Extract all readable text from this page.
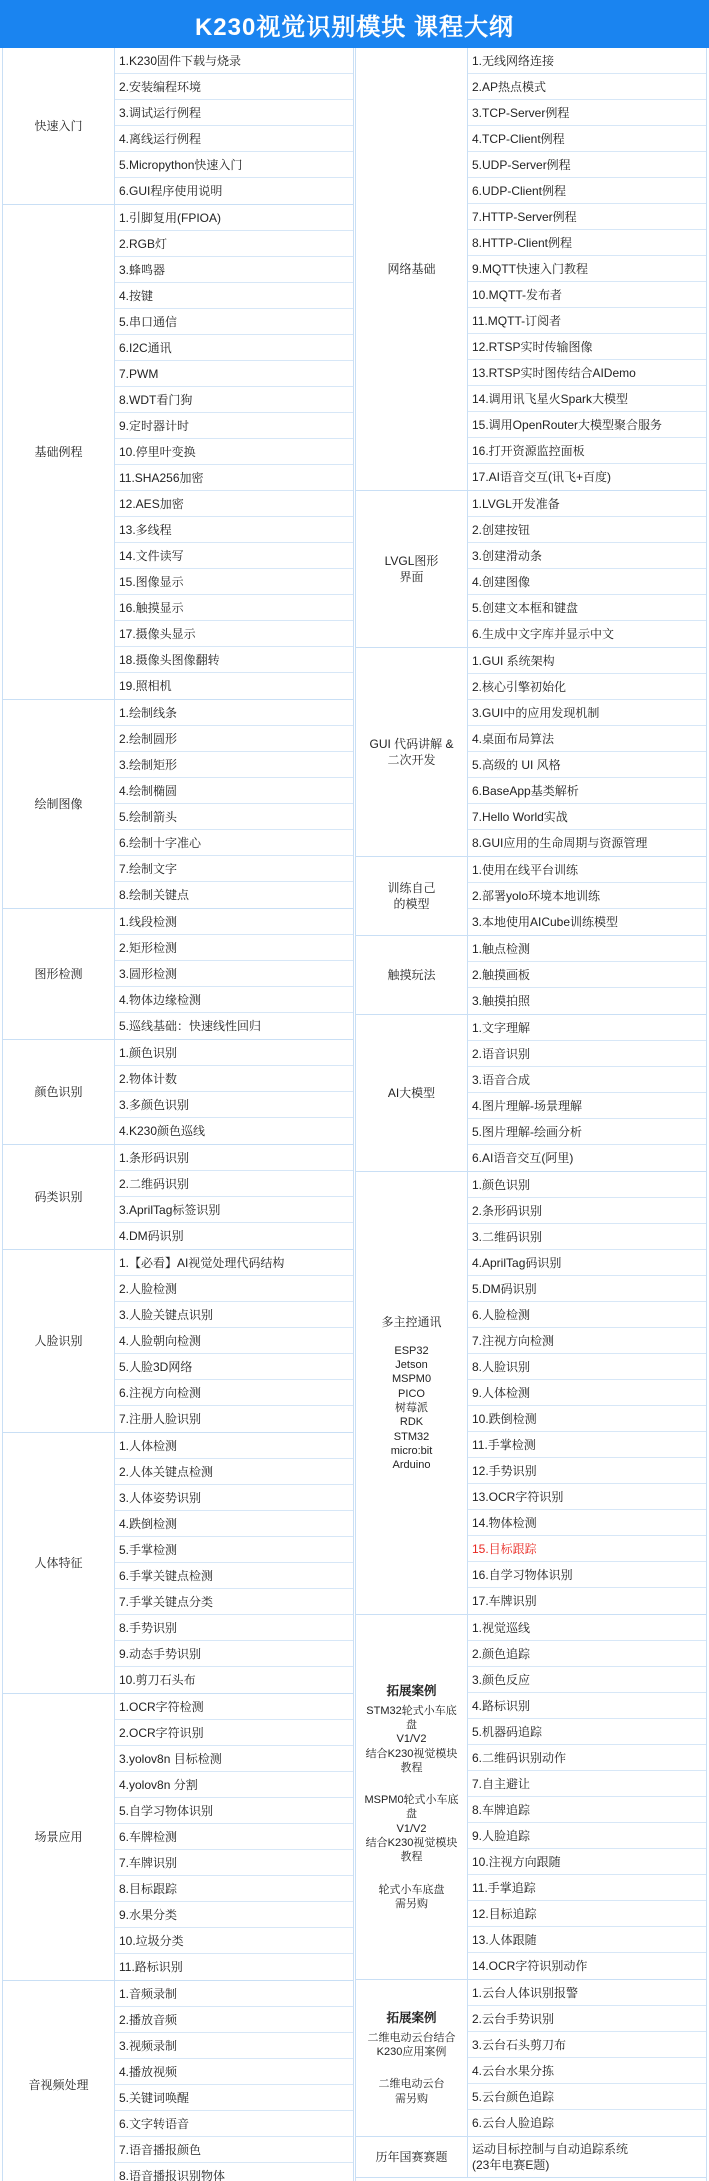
K230视觉识别模块 课程大纲
快速入门
1.K230固件下载与烧录
2.安装编程环境
3.调试运行例程
4.离线运行例程
5.Micropython快速入门
6.GUI程序使用说明
基础例程
1.引脚复用(FPIOA)
2.RGB灯
3.蜂鸣器
4.按键
5.串口通信
6.I2C通讯
7.PWM
8.WDT看门狗
9.定时器计时
10.停里叶变换
11.SHA256加密
12.AES加密
13.多线程
14.文件读写
15.图像显示
16.触摸显示
17.摄像头显示
18.摄像头图像翻转
19.照相机
绘制图像
1.绘制线条
2.绘制圆形
3.绘制矩形
4.绘制椭圆
5.绘制箭头
6.绘制十字准心
7.绘制文字
8.绘制关键点
图形检测
1.线段检测
2.矩形检测
3.圆形检测
4.物体边缘检测
5.巡线基础：快速线性回归
颜色识别
1.颜色识别
2.物体计数
3.多颜色识别
4.K230颜色巡线
码类识别
1.条形码识别
2.二维码识别
3.AprilTag标签识别
4.DM码识别
人脸识别
1.【必看】AI视觉处理代码结构
2.人脸检测
3.人脸关键点识别
4.人脸朝向检测
5.人脸3D网络
6.注视方向检测
7.注册人脸识别
人体特征
1.人体检测
2.人体关键点检测
3.人体姿势识别
4.跌倒检测
5.手掌检测
6.手掌关键点检测
7.手掌关键点分类
8.手势识别
9.动态手势识别
10.剪刀石头布
场景应用
1.OCR字符检测
2.OCR字符识别
3.yolov8n 目标检测
4.yolov8n 分割
5.自学习物体识别
6.车牌检测
7.车牌识别
8.目标跟踪
9.水果分类
10.垃圾分类
11.路标识别
音视频处理
1.音频录制
2.播放音频
3.视频录制
4.播放视频
5.关键词唤醒
6.文字转语音
7.语音播报颜色
8.语音播报识别物体
网络基础
1.无线网络连接
2.AP热点模式
3.TCP-Server例程
4.TCP-Client例程
5.UDP-Server例程
6.UDP-Client例程
7.HTTP-Server例程
8.HTTP-Client例程
9.MQTT快速入门教程
10.MQTT-发布者
11.MQTT-订阅者
12.RTSP实时传输图像
13.RTSP实时图传结合AIDemo
14.调用讯飞星火Spark大模型
15.调用OpenRouter大模型聚合服务
16.打开资源监控面板
17.AI语音交互(讯飞+百度)
LVGL图形
界面
1.LVGL开发准备
2.创建按钮
3.创建滑动条
4.创建图像
5.创建文本框和键盘
6.生成中文字库并显示中文
GUI 代码讲解 &
二次开发
1.GUI 系统架构
2.核心引擎初始化
3.GUI中的应用发现机制
4.桌面布局算法
5.高级的 UI 风格
6.BaseApp基类解析
7.Hello World实战
8.GUI应用的生命周期与资源管理
训练自己
的模型
1.使用在线平台训练
2.部署yolo环境本地训练
3.本地使用AICube训练模型
触摸玩法
1.触点检测
2.触摸画板
3.触摸拍照
AI大模型
1.文字理解
2.语音识别
3.语音合成
4.图片理解-场景理解
5.图片理解-绘画分析
6.AI语音交互(阿里)
多主控通讯
ESP32
Jetson
MSPM0
PICO
树莓派
RDK
STM32
micro:bit
Arduino
1.颜色识别
2.条形码识别
3.二维码识别
4.AprilTag码识别
5.DM码识别
6.人脸检测
7.注视方向检测
8.人脸识别
9.人体检测
10.跌倒检测
11.手掌检测
12.手势识别
13.OCR字符识别
14.物体检测
15.目标跟踪
16.自学习物体识别
17.车牌识别
拓展案例
STM32轮式小车底盘
V1/V2
结合K230视觉模块教程
MSPM0轮式小车底盘
V1/V2
结合K230视觉模块教程
轮式小车底盘
需另购
1.视觉巡线
2.颜色追踪
3.颜色反应
4.路标识别
5.机器码追踪
6.二维码识别动作
7.自主避让
8.车牌追踪
9.人脸追踪
10.注视方向跟随
11.手掌追踪
12.目标追踪
13.人体跟随
14.OCR字符识别动作
拓展案例
二维电动云台结合
K230应用案例
二维电动云台
需另购
1.云台人体识别报警
2.云台手势识别
3.云台石头剪刀布
4.云台水果分拣
5.云台颜色追踪
6.云台人脸追踪
历年国赛赛题
运动目标控制与自动追踪系统
(23年电赛E题)
